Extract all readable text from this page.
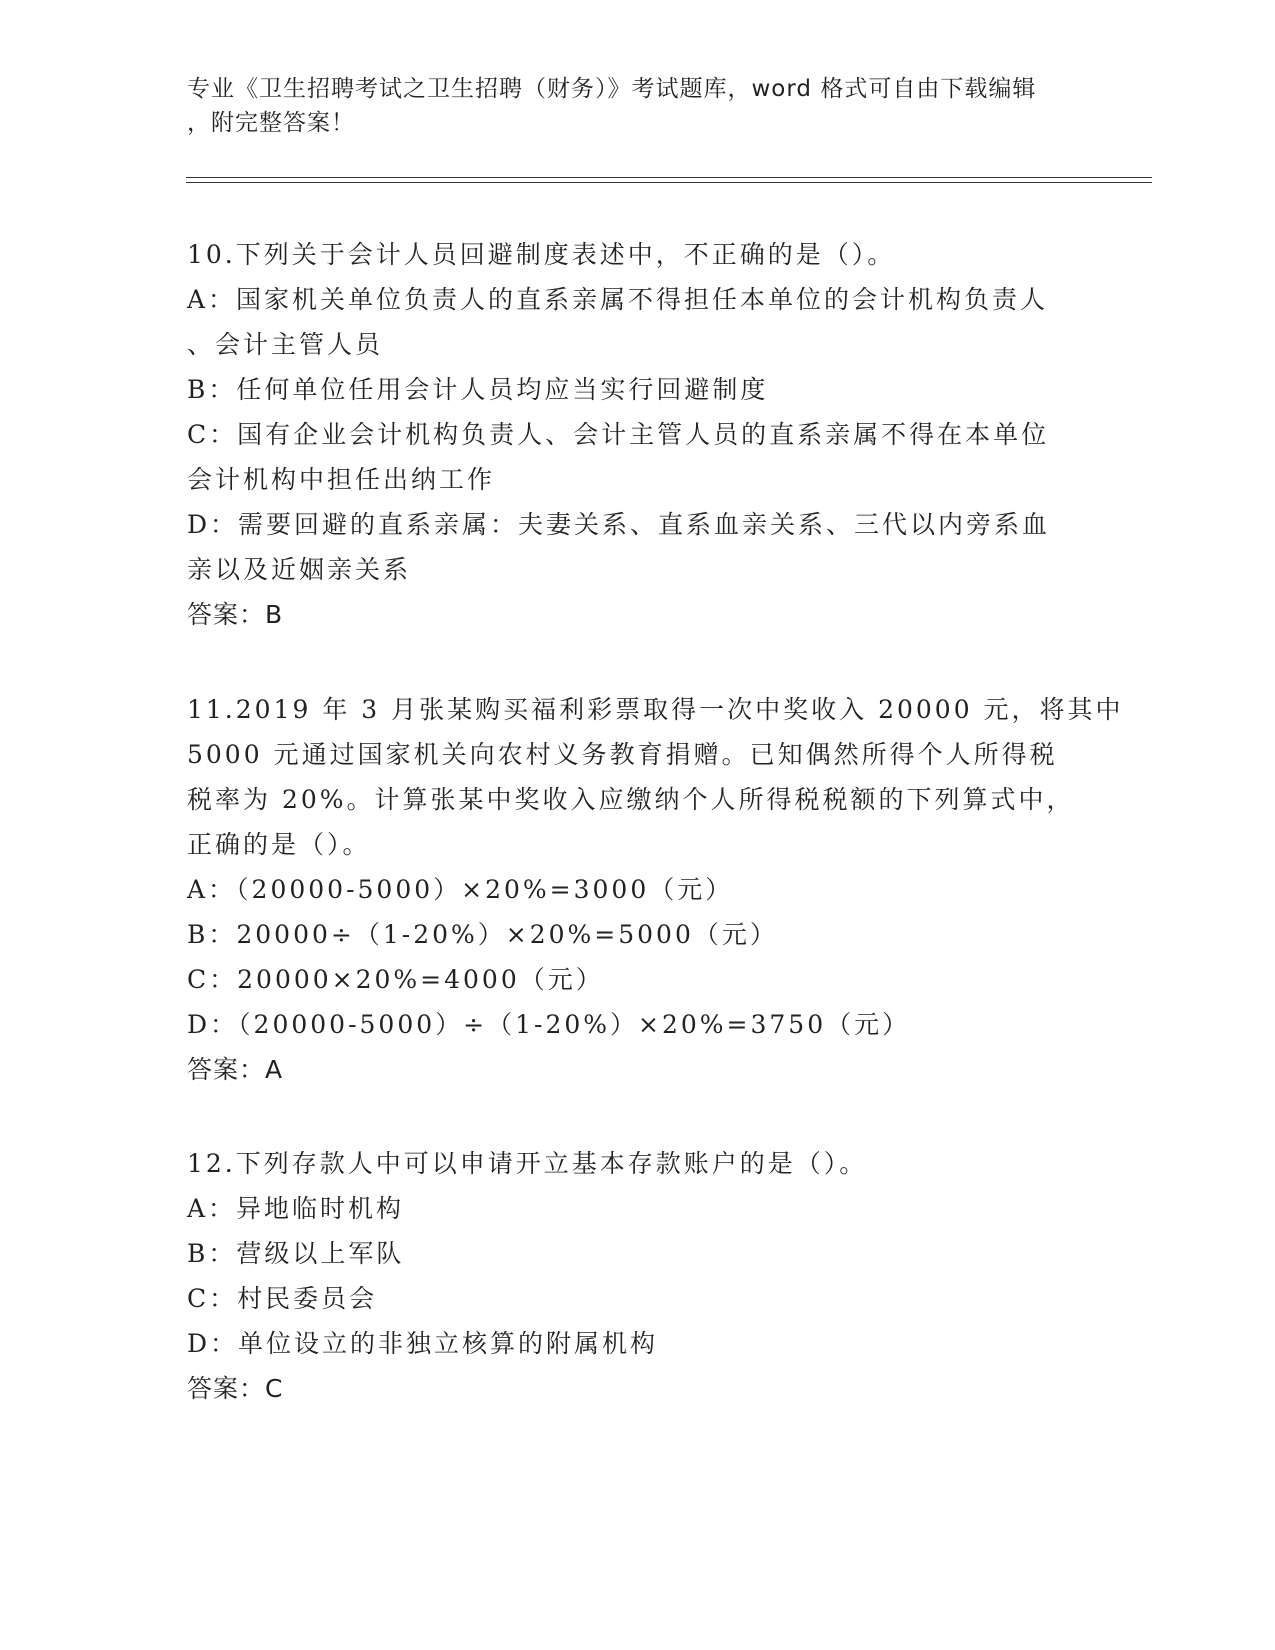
专业《卫生招聘考试之卫生招聘（财务）》考试题库，word 格式可自由下载编辑
，附完整答案！
10.下列关于会计人员回避制度表述中，不正确的是（）。
A：国家机关单位负责人的直系亲属不得担任本单位的会计机构负责人
、会计主管人员
B：任何单位任用会计人员均应当实行回避制度
C：国有企业会计机构负责人、会计主管人员的直系亲属不得在本单位
会计机构中担任出纳工作
D：需要回避的直系亲属：夫妻关系、直系血亲关系、三代以内旁系血
亲以及近姻亲关系
答案：B
11.2019 年 3 月张某购买福利彩票取得一次中奖收入 20000 元，将其中
5000 元通过国家机关向农村义务教育捐赠。已知偶然所得个人所得税
税率为 20%。计算张某中奖收入应缴纳个人所得税税额的下列算式中，
正确的是（）。
A：（20000-5000）×20%=3000（元）
B：20000÷（1-20%）×20%=5000（元）
C：20000×20%=4000（元）
D：（20000-5000）÷（1-20%）×20%=3750（元）
答案：A
12.下列存款人中可以申请开立基本存款账户的是（）。
A：异地临时机构
B：营级以上军队
C：村民委员会
D：单位设立的非独立核算的附属机构
答案：C
